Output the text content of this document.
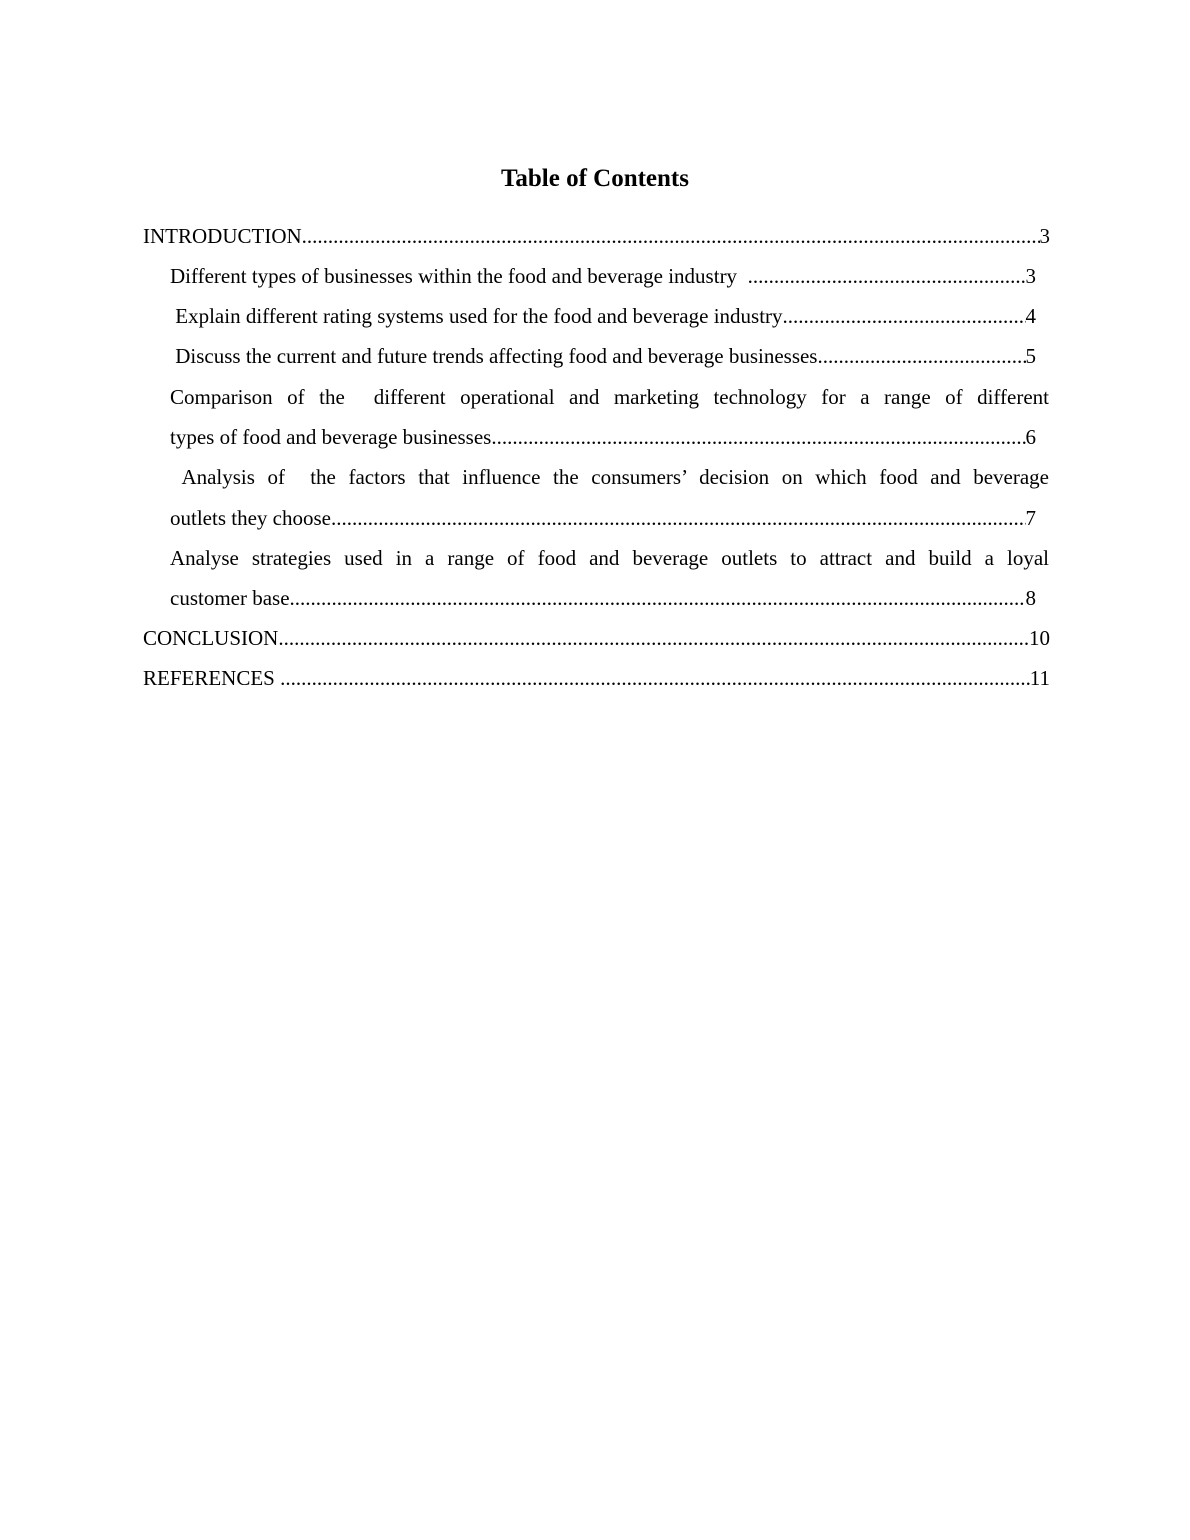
Table of Contents
INTRODUCTION .....	3
Different types of businesses within the food and beverage industry .....	3
Explain different rating systems used for the food and beverage industry .....	4
Discuss the current and future trends affecting food and beverage businesses .....	5
Comparison of the  different operational and marketing technology for a range of different
types of food and beverage businesses .....	6
Analysis of  the factors that influence the consumers’ decision on which food and beverage
outlets they choose .....	7
Analyse strategies used in a range of food and beverage outlets to attract and build a loyal
customer base .....	8
CONCLUSION .....	10
REFERENCES .....	11
